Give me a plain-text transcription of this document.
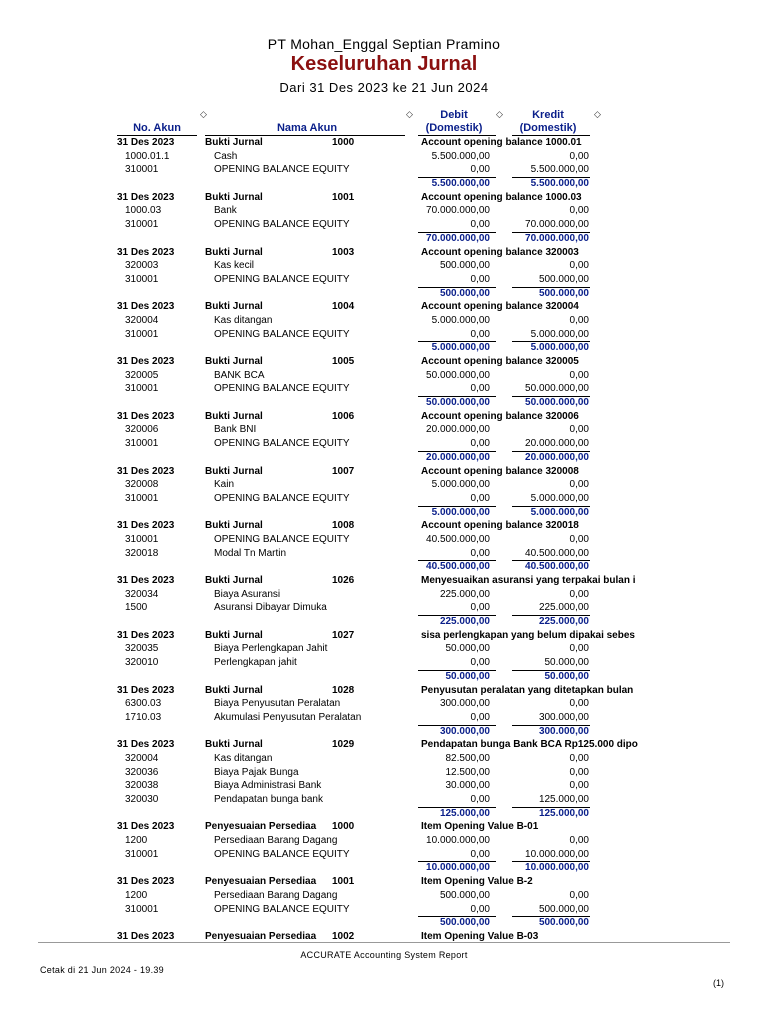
PT Mohan_Enggal Septian Pramino
Keseluruhan Jurnal
Dari 31 Des 2023 ke 21 Jun 2024
◇	◇	◇	◇
No. Akun	Nama Akun
Debit
(Domestik)
Kredit
(Domestik)
31 Des 2023	Bukti Jurnal	1000	Account opening balance 1000.01
1000.01.1	Cash	5.500.000,00	0,00
310001	OPENING BALANCE EQUITY	0,00	5.500.000,00
5.500.000,00	5.500.000,00
31 Des 2023	Bukti Jurnal	1001	Account opening balance 1000.03
1000.03	Bank	70.000.000,00	0,00
310001	OPENING BALANCE EQUITY	0,00	70.000.000,00
70.000.000,00	70.000.000,00
31 Des 2023	Bukti Jurnal	1003	Account opening balance 320003
320003	Kas kecil	500.000,00	0,00
310001	OPENING BALANCE EQUITY	0,00	500.000,00
500.000,00	500.000,00
31 Des 2023	Bukti Jurnal	1004	Account opening balance 320004
320004	Kas ditangan	5.000.000,00	0,00
310001	OPENING BALANCE EQUITY	0,00	5.000.000,00
5.000.000,00	5.000.000,00
31 Des 2023	Bukti Jurnal	1005	Account opening balance 320005
320005	BANK BCA	50.000.000,00	0,00
310001	OPENING BALANCE EQUITY	0,00	50.000.000,00
50.000.000,00	50.000.000,00
31 Des 2023	Bukti Jurnal	1006	Account opening balance 320006
320006	Bank BNI	20.000.000,00	0,00
310001	OPENING BALANCE EQUITY	0,00	20.000.000,00
20.000.000,00	20.000.000,00
31 Des 2023	Bukti Jurnal	1007	Account opening balance 320008
320008	Kain	5.000.000,00	0,00
310001	OPENING BALANCE EQUITY	0,00	5.000.000,00
5.000.000,00	5.000.000,00
31 Des 2023	Bukti Jurnal	1008	Account opening balance 320018
310001	OPENING BALANCE EQUITY	40.500.000,00	0,00
320018	Modal Tn Martin	0,00	40.500.000,00
40.500.000,00	40.500.000,00
31 Des 2023	Bukti Jurnal	1026	Menyesuaikan asuransi yang terpakai bulan i
320034	Biaya Asuransi	225.000,00	0,00
1500	Asuransi Dibayar Dimuka	0,00	225.000,00
225.000,00	225.000,00
31 Des 2023	Bukti Jurnal	1027	sisa perlengkapan yang belum dipakai sebes
320035	Biaya Perlengkapan Jahit	50.000,00	0,00
320010	Perlengkapan jahit	0,00	50.000,00
50.000,00	50.000,00
31 Des 2023	Bukti Jurnal	1028	Penyusutan peralatan yang ditetapkan bulan
6300.03	Biaya Penyusutan Peralatan	300.000,00	0,00
1710.03	Akumulasi Penyusutan Peralatan	0,00	300.000,00
300.000,00	300.000,00
31 Des 2023	Bukti Jurnal	1029	Pendapatan bunga Bank BCA Rp125.000 dipo
320004	Kas ditangan	82.500,00	0,00
320036	Biaya Pajak Bunga	12.500,00	0,00
320038	Biaya Administrasi Bank	30.000,00	0,00
320030	Pendapatan bunga bank	0,00	125.000,00
125.000,00	125.000,00
31 Des 2023	Penyesuaian Persediaa 1000	Item Opening Value B-01
1200	Persediaan Barang Dagang	10.000.000,00	0,00
310001	OPENING BALANCE EQUITY	0,00	10.000.000,00
10.000.000,00	10.000.000,00
31 Des 2023	Penyesuaian Persediaa 1001	Item Opening Value B-2
1200	Persediaan Barang Dagang	500.000,00	0,00
310001	OPENING BALANCE EQUITY	0,00	500.000,00
500.000,00	500.000,00
31 Des 2023	Penyesuaian Persediaa 1002	Item Opening Value B-03
ACCURATE Accounting System Report
Cetak di 21 Jun 2024 - 19.39
(1)
